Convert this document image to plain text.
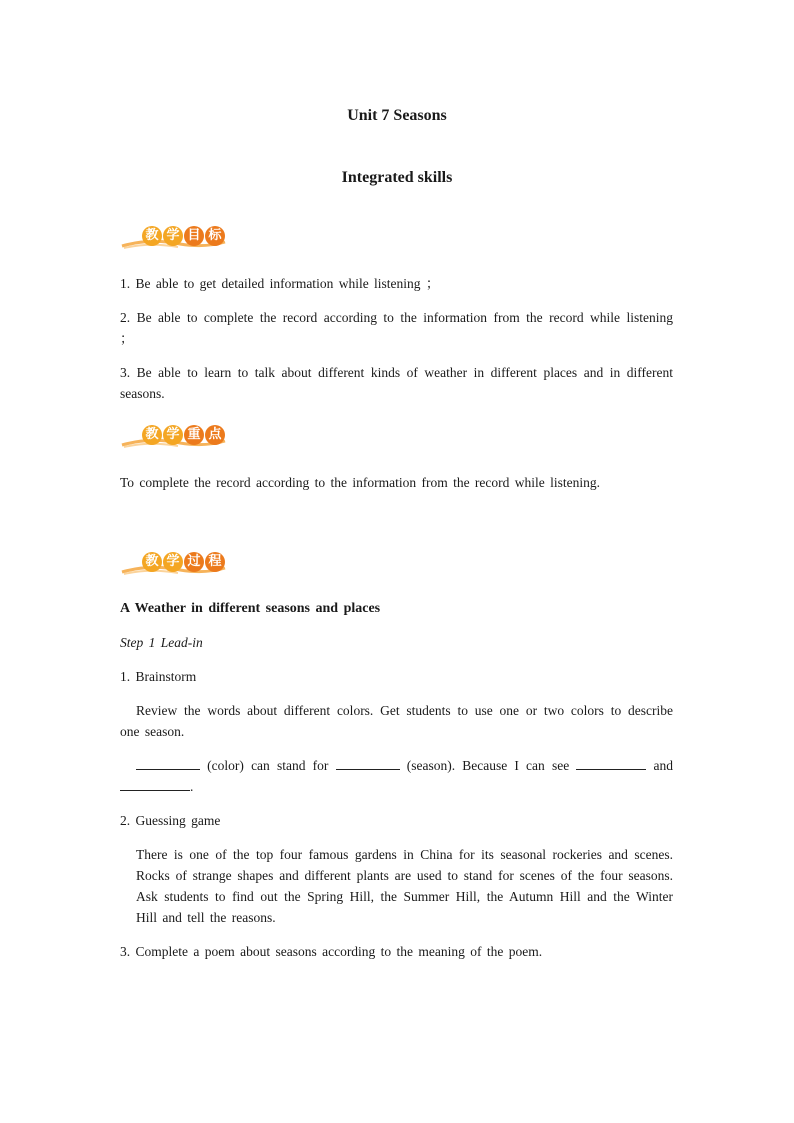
Unit 7 Seasons
Integrated skills
教 学 目 标
1. Be able to get detailed information while listening ；
2. Be able to complete the record according to the information from the record while listening ；
3. Be able to learn to talk about different kinds of weather in different places and in different seasons.
教 学 重 点
To complete the record according to the information from the record while listening.
教 学 过 程
A Weather in different seasons and places
Step 1 Lead-in
1. Brainstorm
Review the words about different colors. Get students to use one or two colors to describe one season.
(color) can stand for	(season). Because I can see	and .
2. Guessing game
There is one of the top four famous gardens in China for its seasonal rockeries and scenes. Rocks of strange shapes and different plants are used to stand for scenes of the four seasons. Ask students to find out the Spring Hill, the Summer Hill, the Autumn Hill and the Winter Hill and tell the reasons.
3. Complete a poem about seasons according to the meaning of the poem.
